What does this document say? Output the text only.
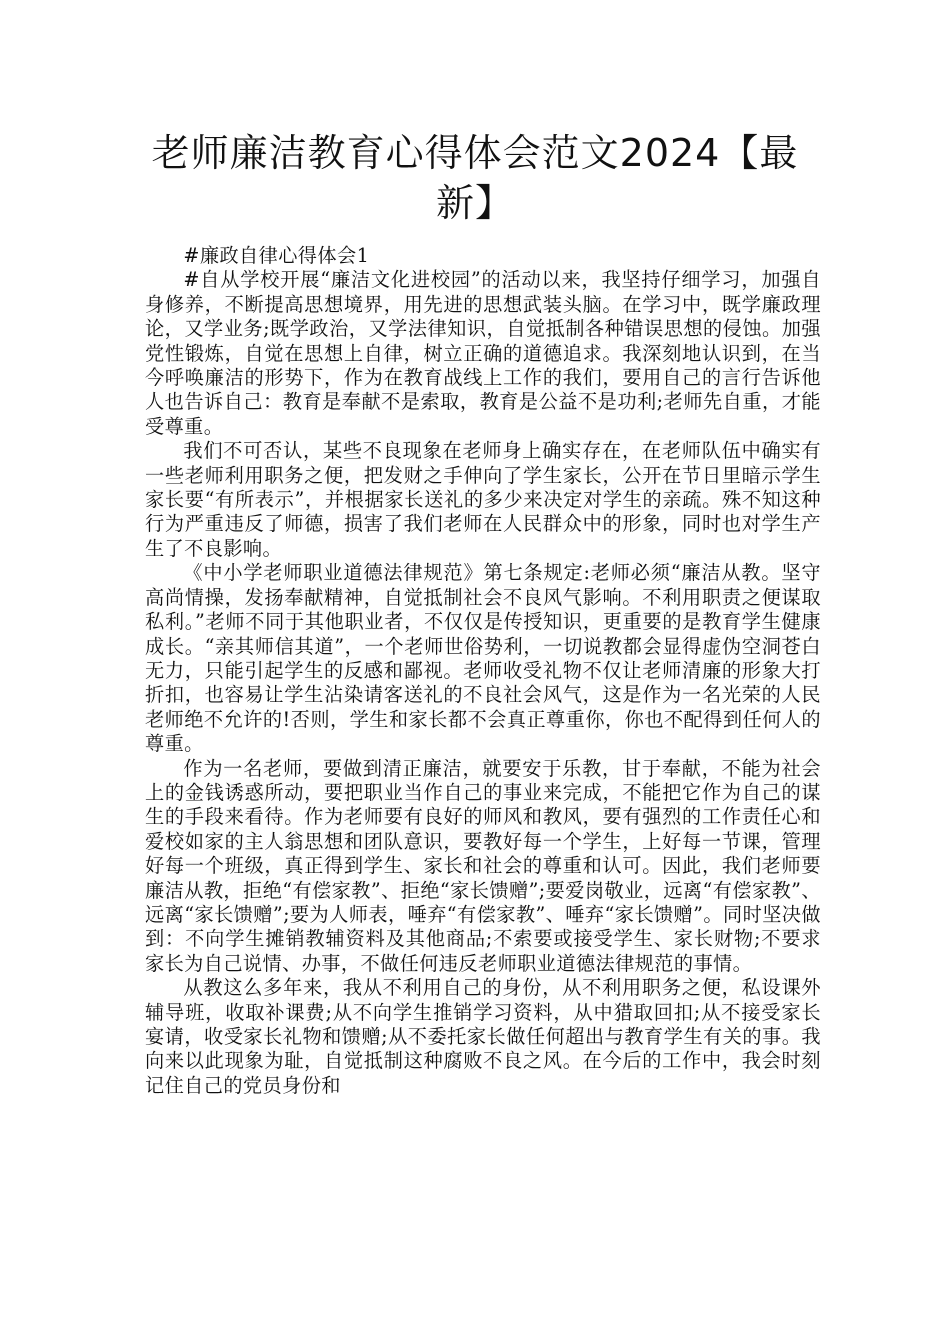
老师廉洁教育心得体会范文2024【最新】

#廉政自律心得体会1

#自从学校开展“廉洁文化进校园”的活动以来，我坚持仔细学习，加强自身修养，不断提高思想境界，用先进的思想武装头脑。在学习中，既学廉政理论，又学业务;既学政治，又学法律知识，自觉抵制各种错误思想的侵蚀。加强党性锻炼，自觉在思想上自律，树立正确的道德追求。我深刻地认识到，在当今呼唤廉洁的形势下，作为在教育战线上工作的我们，要用自己的言行告诉他人也告诉自己：教育是奉献不是索取，教育是公益不是功利;老师先自重，才能受尊重。

我们不可否认，某些不良现象在老师身上确实存在，在老师队伍中确实有一些老师利用职务之便，把发财之手伸向了学生家长，公开在节日里暗示学生家长要“有所表示”，并根据家长送礼的多少来决定对学生的亲疏。殊不知这种行为严重违反了师德，损害了我们老师在人民群众中的形象，同时也对学生产生了不良影响。

《中小学老师职业道德法律规范》第七条规定:老师必须“廉洁从教。坚守高尚情操，发扬奉献精神，自觉抵制社会不良风气影响。不利用职责之便谋取私利。”老师不同于其他职业者，不仅仅是传授知识，更重要的是教育学生健康成长。“亲其师信其道”，一个老师世俗势利，一切说教都会显得虚伪空洞苍白无力，只能引起学生的反感和鄙视。老师收受礼物不仅让老师清廉的形象大打折扣，也容易让学生沾染请客送礼的不良社会风气，这是作为一名光荣的人民老师绝不允许的!否则，学生和家长都不会真正尊重你，你也不配得到任何人的尊重。

作为一名老师，要做到清正廉洁，就要安于乐教，甘于奉献，不能为社会上的金钱诱惑所动，要把职业当作自己的事业来完成，不能把它作为自己的谋生的手段来看待。作为老师要有良好的师风和教风，要有强烈的工作责任心和爱校如家的主人翁思想和团队意识，要教好每一个学生，上好每一节课，管理好每一个班级，真正得到学生、家长和社会的尊重和认可。因此，我们老师要廉洁从教，拒绝“有偿家教”、拒绝“家长馈赠”;要爱岗敬业，远离“有偿家教”、远离“家长馈赠”;要为人师表，唾弃“有偿家教”、唾弃“家长馈赠”。同时坚决做到：不向学生摊销教辅资料及其他商品;不索要或接受学生、家长财物;不要求家长为自己说情、办事，不做任何违反老师职业道德法律规范的事情。

从教这么多年来，我从不利用自己的身份，从不利用职务之便，私设课外辅导班，收取补课费;从不向学生推销学习资料，从中猎取回扣;从不接受家长宴请，收受家长礼物和馈赠;从不委托家长做任何超出与教育学生有关的事。我向来以此现象为耻，自觉抵制这种腐败不良之风。在今后的工作中，我会时刻记住自己的党员身份和
